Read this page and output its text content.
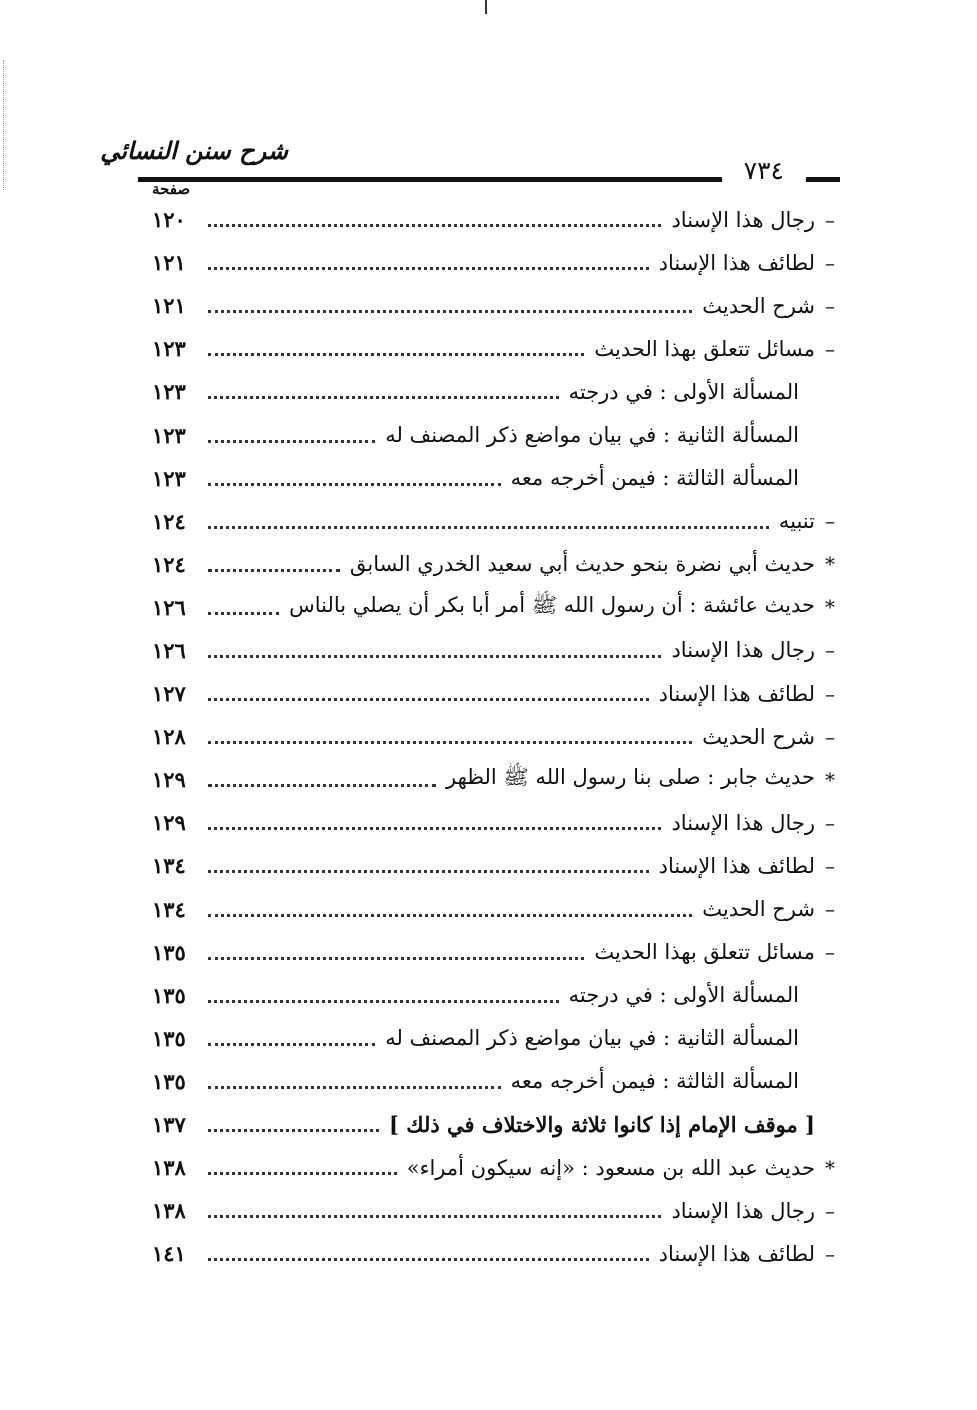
شرح سنن النسائي
٧٣٤
صفحة
–
رجال هذا الإسناد
١٢٠
–
لطائف هذا الإسناد
١٢١
–
شرح الحديث
١٢١
–
مسائل تتعلق بهذا الحديث
١٢٣
المسألة الأولى : في درجته
١٢٣
المسألة الثانية : في بيان مواضع ذكر المصنف له
١٢٣
المسألة الثالثة : فيمن أخرجه معه
١٢٣
–
تنبيه
١٢٤
*
حديث أبي نضرة بنحو حديث أبي سعيد الخدري السابق
١٢٤
*
حديث عائشة : أن رسول الله ﷺ أمر أبا بكر أن يصلي بالناس
١٢٦
–
رجال هذا الإسناد
١٢٦
–
لطائف هذا الإسناد
١٢٧
–
شرح الحديث
١٢٨
*
حديث جابر : صلى بنا رسول الله ﷺ الظهر
١٢٩
–
رجال هذا الإسناد
١٢٩
–
لطائف هذا الإسناد
١٣٤
–
شرح الحديث
١٣٤
–
مسائل تتعلق بهذا الحديث
١٣٥
المسألة الأولى : في درجته
١٣٥
المسألة الثانية : في بيان مواضع ذكر المصنف له
١٣٥
المسألة الثالثة : فيمن أخرجه معه
١٣٥
[ موقف الإمام إذا كانوا ثلاثة والاختلاف في ذلك ]
١٣٧
*
حديث عبد الله بن مسعود : «إنه سيكون أمراء»
١٣٨
–
رجال هذا الإسناد
١٣٨
–
لطائف هذا الإسناد
١٤١
